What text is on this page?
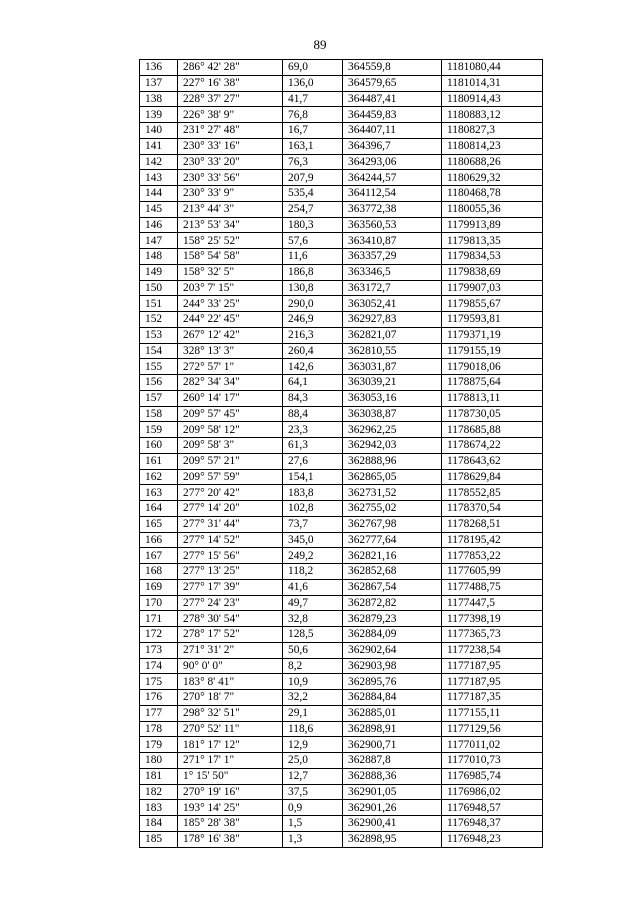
89
136	286° 42' 28"	69,0	364559,8	1181080,44
137	227° 16' 38"	136,0	364579,65	1181014,31
138	228° 37' 27"	41,7	364487,41	1180914,43
139	226° 38' 9"	76,8	364459,83	1180883,12
140	231° 27' 48"	16,7	364407,11	1180827,3
141	230° 33' 16"	163,1	364396,7	1180814,23
142	230° 33' 20"	76,3	364293,06	1180688,26
143	230° 33' 56"	207,9	364244,57	1180629,32
144	230° 33' 9"	535,4	364112,54	1180468,78
145	213° 44' 3"	254,7	363772,38	1180055,36
146	213° 53' 34"	180,3	363560,53	1179913,89
147	158° 25' 52"	57,6	363410,87	1179813,35
148	158° 54' 58"	11,6	363357,29	1179834,53
149	158° 32' 5"	186,8	363346,5	1179838,69
150	203° 7' 15"	130,8	363172,7	1179907,03
151	244° 33' 25"	290,0	363052,41	1179855,67
152	244° 22' 45"	246,9	362927,83	1179593,81
153	267° 12' 42"	216,3	362821,07	1179371,19
154	328° 13' 3"	260,4	362810,55	1179155,19
155	272° 57' 1"	142,6	363031,87	1179018,06
156	282° 34' 34"	64,1	363039,21	1178875,64
157	260° 14' 17"	84,3	363053,16	1178813,11
158	209° 57' 45"	88,4	363038,87	1178730,05
159	209° 58' 12"	23,3	362962,25	1178685,88
160	209° 58' 3"	61,3	362942,03	1178674,22
161	209° 57' 21"	27,6	362888,96	1178643,62
162	209° 57' 59"	154,1	362865,05	1178629,84
163	277° 20' 42"	183,8	362731,52	1178552,85
164	277° 14' 20"	102,8	362755,02	1178370,54
165	277° 31' 44"	73,7	362767,98	1178268,51
166	277° 14' 52"	345,0	362777,64	1178195,42
167	277° 15' 56"	249,2	362821,16	1177853,22
168	277° 13' 25"	118,2	362852,68	1177605,99
169	277° 17' 39"	41,6	362867,54	1177488,75
170	277° 24' 23"	49,7	362872,82	1177447,5
171	278° 30' 54"	32,8	362879,23	1177398,19
172	278° 17' 52"	128,5	362884,09	1177365,73
173	271° 31' 2"	50,6	362902,64	1177238,54
174	90° 0' 0"	8,2	362903,98	1177187,95
175	183° 8' 41"	10,9	362895,76	1177187,95
176	270° 18' 7"	32,2	362884,84	1177187,35
177	298° 32' 51"	29,1	362885,01	1177155,11
178	270° 52' 11"	118,6	362898,91	1177129,56
179	181° 17' 12"	12,9	362900,71	1177011,02
180	271° 17' 1"	25,0	362887,8	1177010,73
181	1° 15' 50"	12,7	362888,36	1176985,74
182	270° 19' 16"	37,5	362901,05	1176986,02
183	193° 14' 25"	0,9	362901,26	1176948,57
184	185° 28' 38"	1,5	362900,41	1176948,37
185	178° 16' 38"	1,3	362898,95	1176948,23
